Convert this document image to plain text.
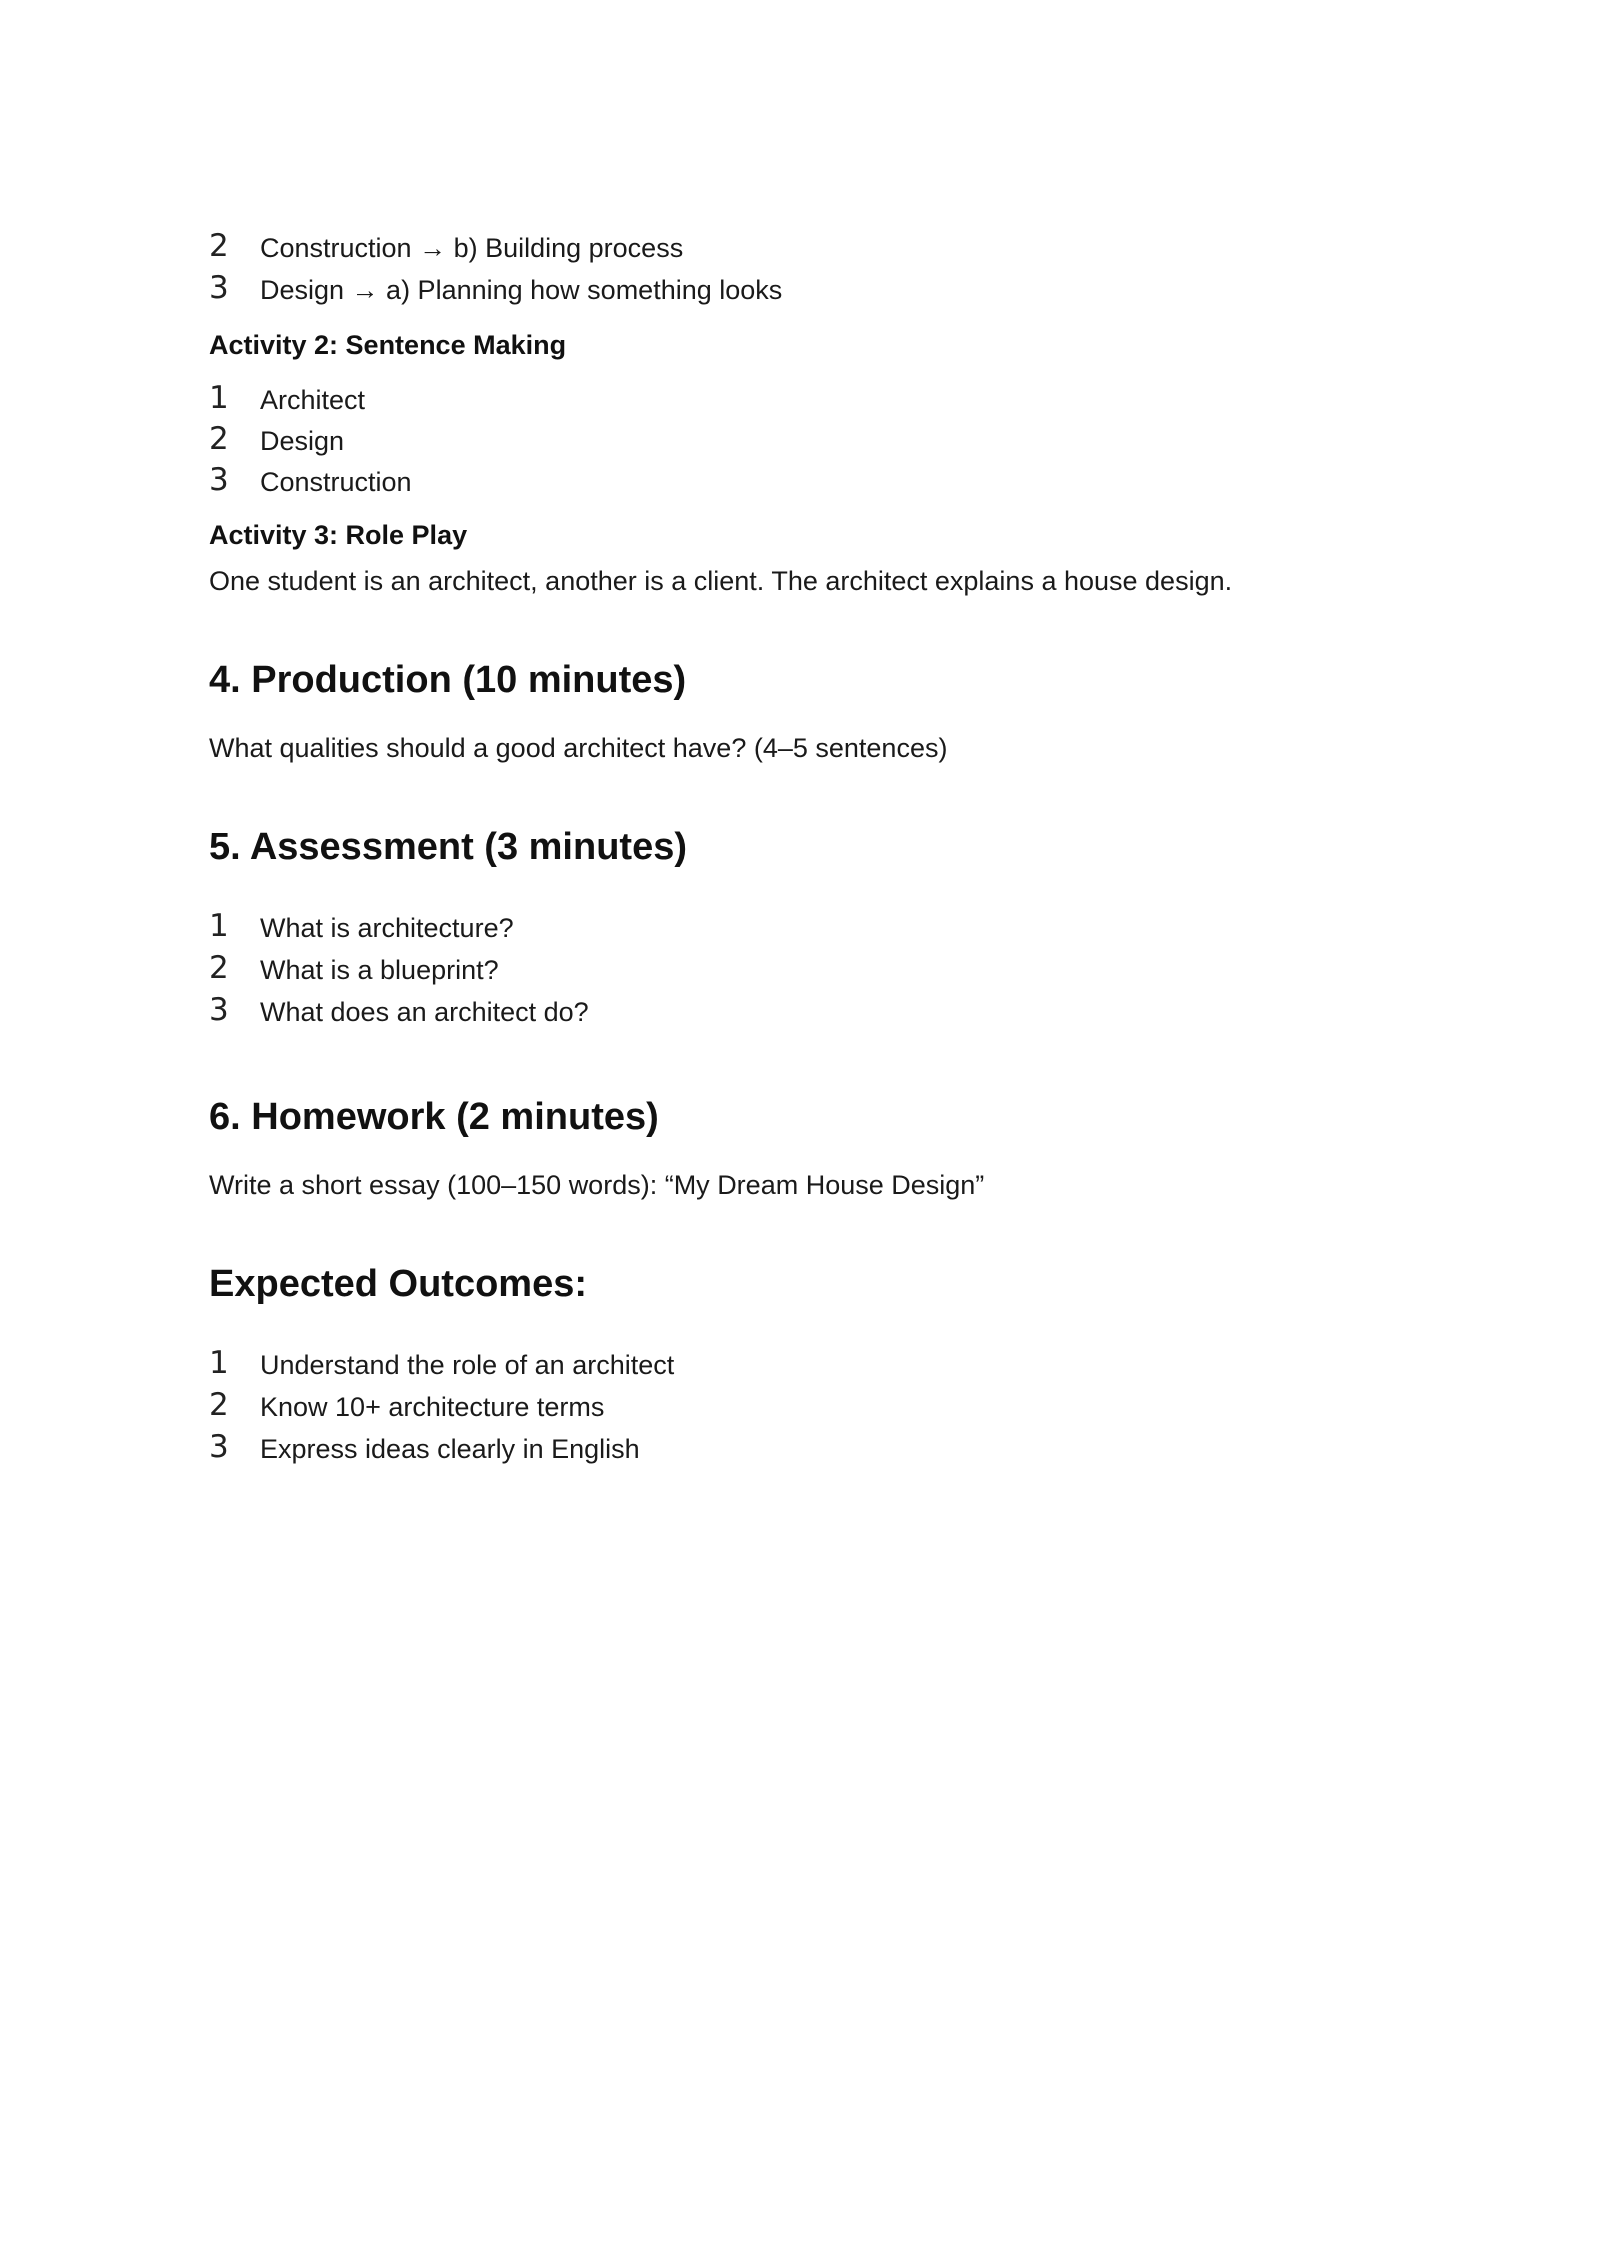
2 Construction → b) Building process
3 Design → a) Planning how something looks
Activity 2: Sentence Making
1 Architect
2 Design
3 Construction
Activity 3: Role Play
One student is an architect, another is a client. The architect explains a house design.
4. Production (10 minutes)
What qualities should a good architect have? (4–5 sentences)
5. Assessment (3 minutes)
1 What is architecture?
2 What is a blueprint?
3 What does an architect do?
6. Homework (2 minutes)
Write a short essay (100–150 words): “My Dream House Design”
Expected Outcomes:
1 Understand the role of an architect
2 Know 10+ architecture terms
3 Express ideas clearly in English
